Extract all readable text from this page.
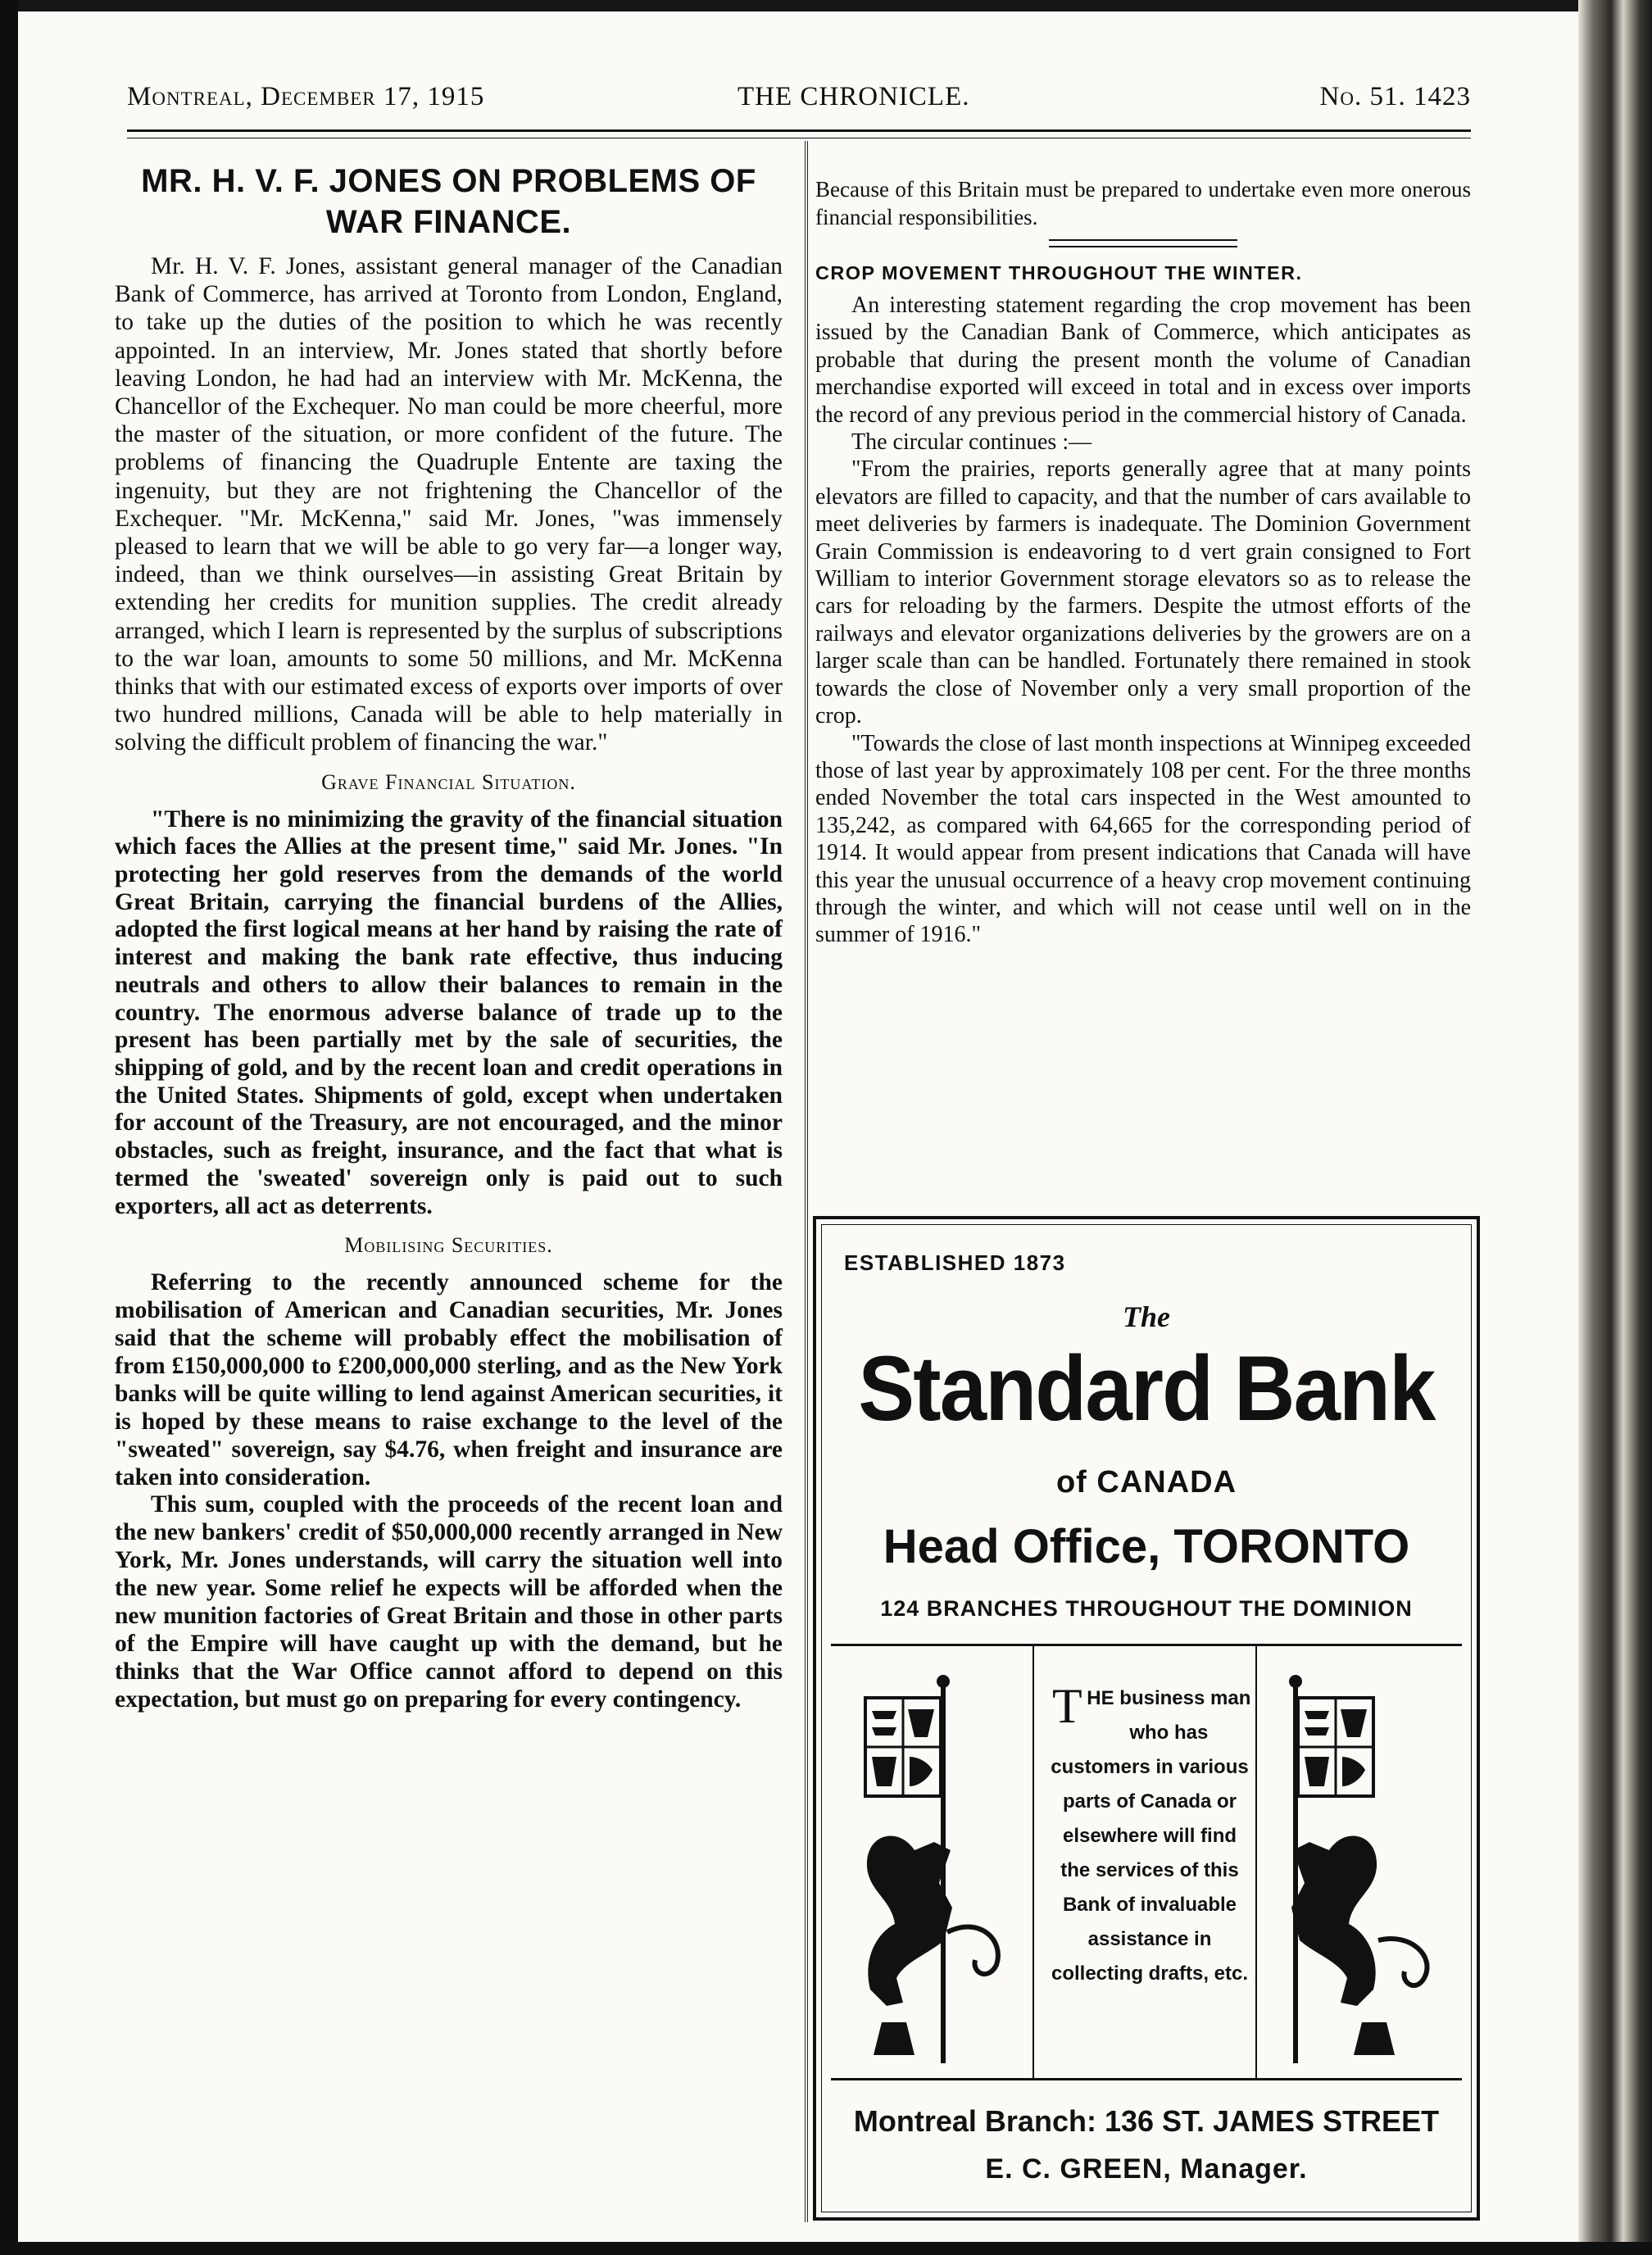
Montreal, December 17, 1915	THE CHRONICLE.	No. 51. 1423
MR. H. V. F. JONES ON PROBLEMS OF WAR FINANCE.

Mr. H. V. F. Jones, assistant general manager of the Canadian Bank of Commerce, has arrived at Toronto from London, England, to take up the duties of the position to which he was recently appointed. In an interview, Mr. Jones stated that shortly before leaving London, he had had an interview with Mr. McKenna, the Chancellor of the Exchequer. No man could be more cheerful, more the master of the situation, or more confident of the future. The problems of financing the Quadruple Entente are taxing the ingenuity, but they are not frightening the Chancellor of the Exchequer. "Mr. McKenna," said Mr. Jones, "was immensely pleased to learn that we will be able to go very far—a longer way, indeed, than we think ourselves—in assisting Great Britain by extending her credits for munition supplies. The credit already arranged, which I learn is represented by the surplus of subscriptions to the war loan, amounts to some 50 millions, and Mr. McKenna thinks that with our estimated excess of exports over imports of over two hundred millions, Canada will be able to help materially in solving the difficult problem of financing the war."

Grave Financial Situation.

"There is no minimizing the gravity of the financial situation which faces the Allies at the present time," said Mr. Jones. "In protecting her gold reserves from the demands of the world Great Britain, carrying the financial burdens of the Allies, adopted the first logical means at her hand by raising the rate of interest and making the bank rate effective, thus inducing neutrals and others to allow their balances to remain in the country. The enormous adverse balance of trade up to the present has been partially met by the sale of securities, the shipping of gold, and by the recent loan and credit operations in the United States. Shipments of gold, except when undertaken for account of the Treasury, are not encouraged, and the minor obstacles, such as freight, insurance, and the fact that what is termed the 'sweated' sovereign only is paid out to such exporters, all act as deterrents.

Mobilising Securities.

Referring to the recently announced scheme for the mobilisation of American and Canadian securities, Mr. Jones said that the scheme will probably effect the mobilisation of from £150,000,000 to £200,000,000 sterling, and as the New York banks will be quite willing to lend against American securities, it is hoped by these means to raise exchange to the level of the "sweated" sovereign, say $4.76, when freight and insurance are taken into consideration.

This sum, coupled with the proceeds of the recent loan and the new bankers' credit of $50,000,000 recently arranged in New York, Mr. Jones understands, will carry the situation well into the new year. Some relief he expects will be afforded when the new munition factories of Great Britain and those in other parts of the Empire will have caught up with the demand, but he thinks that the War Office cannot afford to depend on this expectation, but must go on preparing for every contingency.

Because of this Britain must be prepared to undertake even more onerous financial responsibilities.

CROP MOVEMENT THROUGHOUT THE WINTER.

An interesting statement regarding the crop movement has been issued by the Canadian Bank of Commerce, which anticipates as probable that during the present month the volume of Canadian merchandise exported will exceed in total and in excess over imports the record of any previous period in the commercial history of Canada.

The circular continues :—

"From the prairies, reports generally agree that at many points elevators are filled to capacity, and that the number of cars available to meet deliveries by farmers is inadequate. The Dominion Government Grain Commission is endeavoring to d vert grain consigned to Fort William to interior Government storage elevators so as to release the cars for reloading by the farmers. Despite the utmost efforts of the railways and elevator organizations deliveries by the growers are on a larger scale than can be handled. Fortunately there remained in stook towards the close of November only a very small proportion of the crop.

"Towards the close of last month inspections at Winnipeg exceeded those of last year by approximately 108 per cent. For the three months ended November the total cars inspected in the West amounted to 135,242, as compared with 64,665 for the corresponding period of 1914. It would appear from present indications that Canada will have this year the unusual occurrence of a heavy crop movement continuing through the winter, and which will not cease until well on in the summer of 1916."

ESTABLISHED 1873
The
Standard Bank
of CANADA
Head Office, TORONTO
124 BRANCHES THROUGHOUT THE DOMINION
T HE business man who has customers in various parts of Canada or elsewhere will find the services of this Bank of invaluable assistance in collecting drafts, etc.
Montreal Branch: 136 ST. JAMES STREET
E. C. GREEN, Manager.
